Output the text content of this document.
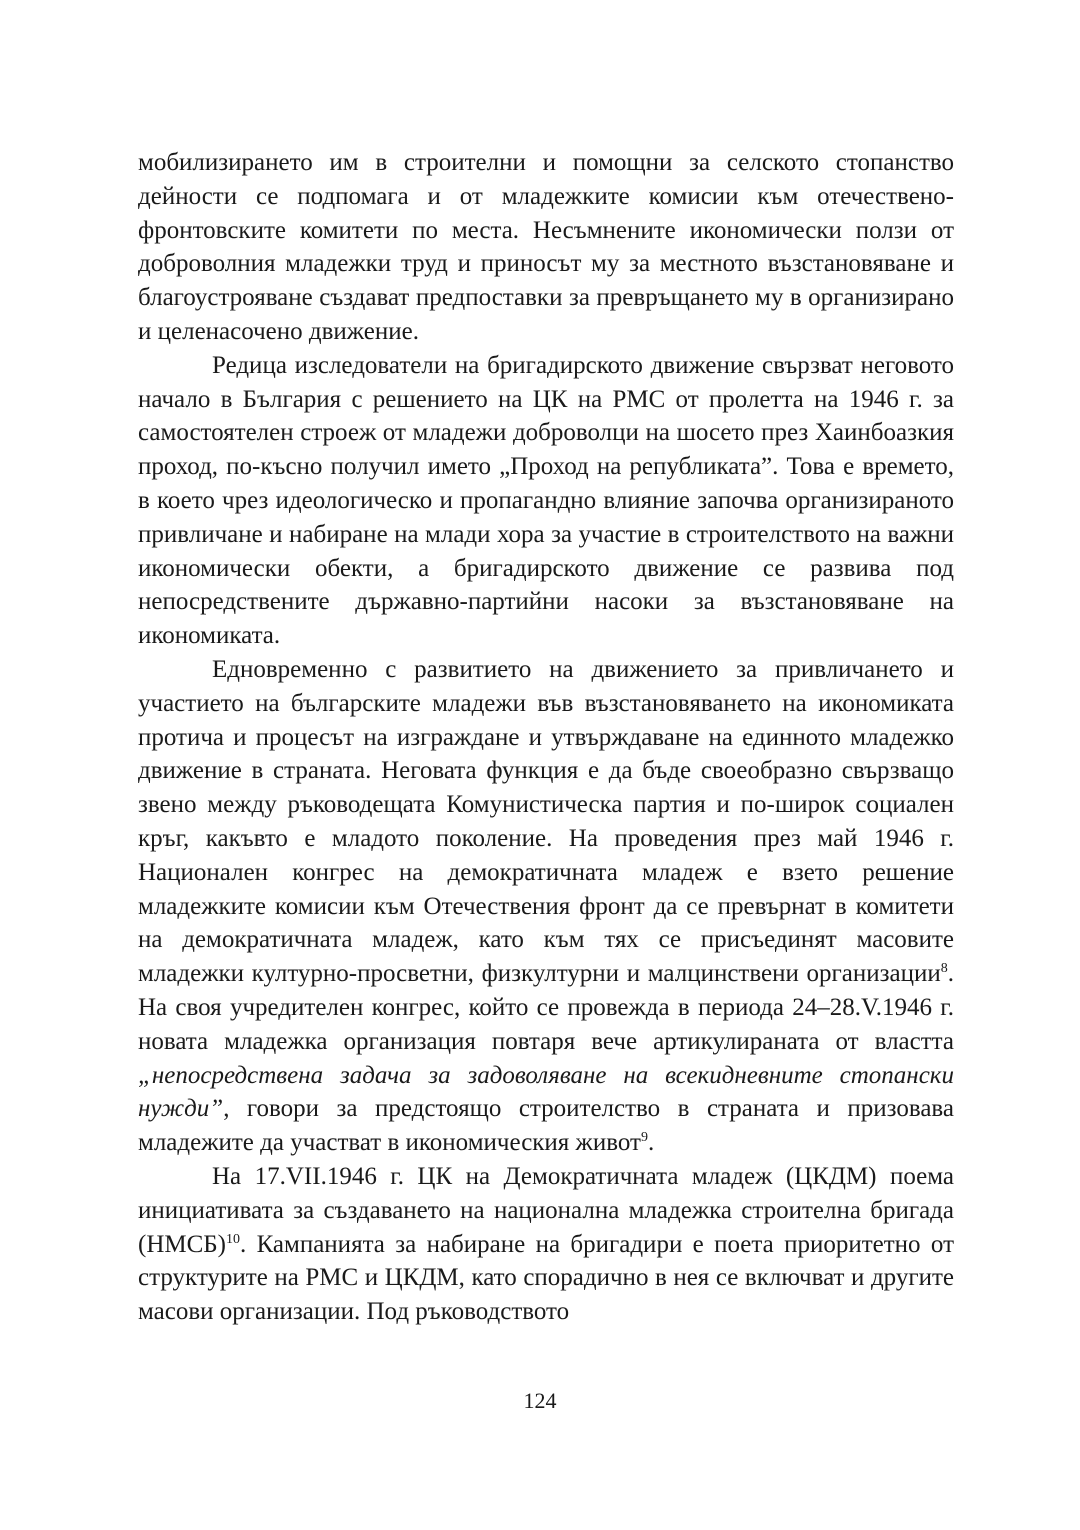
мобилизирането им в строителни и помощни за селското стопанство дейности се подпомага и от младежките комисии към отечественофронтовските комитети по места. Несъмнените икономически ползи от доброволния младежки труд и приносът му за местното възстановяване и благоустрояване създават предпоставки за превръщането му в организирано и целенасочено движение.

Редица изследователи на бригадирското движение свързват неговото начало в България с решението на ЦК на РМС от пролетта на 1946 г. за самостоятелен строеж от младежи доброволци на шосето през Хаинбоазкия проход, по-късно получил името „Проход на републиката”. Това е времето, в което чрез идеологическо и пропагандно влияние започва организираното привличане и набиране на млади хора за участие в строителството на важни икономически обекти, а бригадирското движение се развива под непосредствените държавно-партийни насоки за възстановяване на икономиката.

Едновременно с развитието на движението за привличането и участието на българските младежи във възстановяването на икономиката протича и процесът на изграждане и утвърждаване на единното младежко движение в страната. Неговата функция е да бъде своеобразно свързващо звено между ръководещата Комунистическа партия и по-широк социален кръг, какъвто е младото поколение. На проведения през май 1946 г. Национален конгрес на демократичната младеж е взето решение младежките комисии към Отечествения фронт да се превърнат в комитети на демократичната младеж, като към тях се присъединят масовите младежки културно-просветни, физкултурни и малцинствени организации$^8$. На своя учредителен конгрес, който се провежда в периода 24–28.V.1946 г. новата младежка организация повтаря вече артикулираната от властта „непосредствена задача за задоволяване на всекидневните стопански нужди”, говори за предстоящо строителство в страната и призовава младежите да участват в икономическия живот$^9$.

На 17.VII.1946 г. ЦК на Демократичната младеж (ЦКДМ) поема инициативата за създаването на национална младежка строителна бригада (НМСБ)$^{10}$. Кампанията за набиране на бригадири е поета приоритетно от структурите на РМС и ЦКДМ, като спорадично в нея се включват и другите масови организации. Под ръководството

124
